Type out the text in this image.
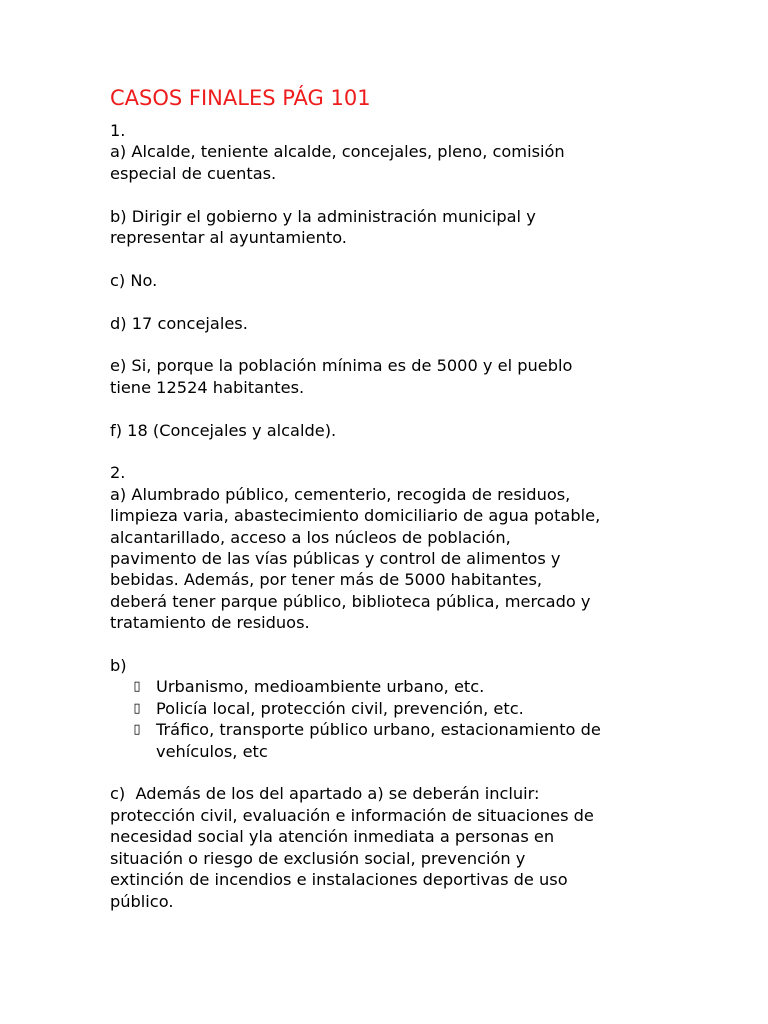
CASOS FINALES PÁG 101
1.
a) Alcalde, teniente alcalde, concejales, pleno, comisión
especial de cuentas.
b) Dirigir el gobierno y la administración municipal y
representar al ayuntamiento.
c) No.
d) 17 concejales.
e) Si, porque la población mínima es de 5000 y el pueblo
tiene 12524 habitantes.
f) 18 (Concejales y alcalde).
2.
a) Alumbrado público, cementerio, recogida de residuos,
limpieza varia, abastecimiento domiciliario de agua potable,
alcantarillado, acceso a los núcleos de población,
pavimento de las vías públicas y control de alimentos y
bebidas. Además, por tener más de 5000 habitantes,
deberá tener parque público, biblioteca pública, mercado y
tratamiento de residuos.
b)
▯ Urbanismo, medioambiente urbano, etc.
▯ Policía local, protección civil, prevención, etc.
▯ Tráfico, transporte público urbano, estacionamiento de
vehículos, etc
c)  Además de los del apartado a) se deberán incluir:
protección civil, evaluación e información de situaciones de
necesidad social yla atención inmediata a personas en
situación o riesgo de exclusión social, prevención y
extinción de incendios e instalaciones deportivas de uso
público.
